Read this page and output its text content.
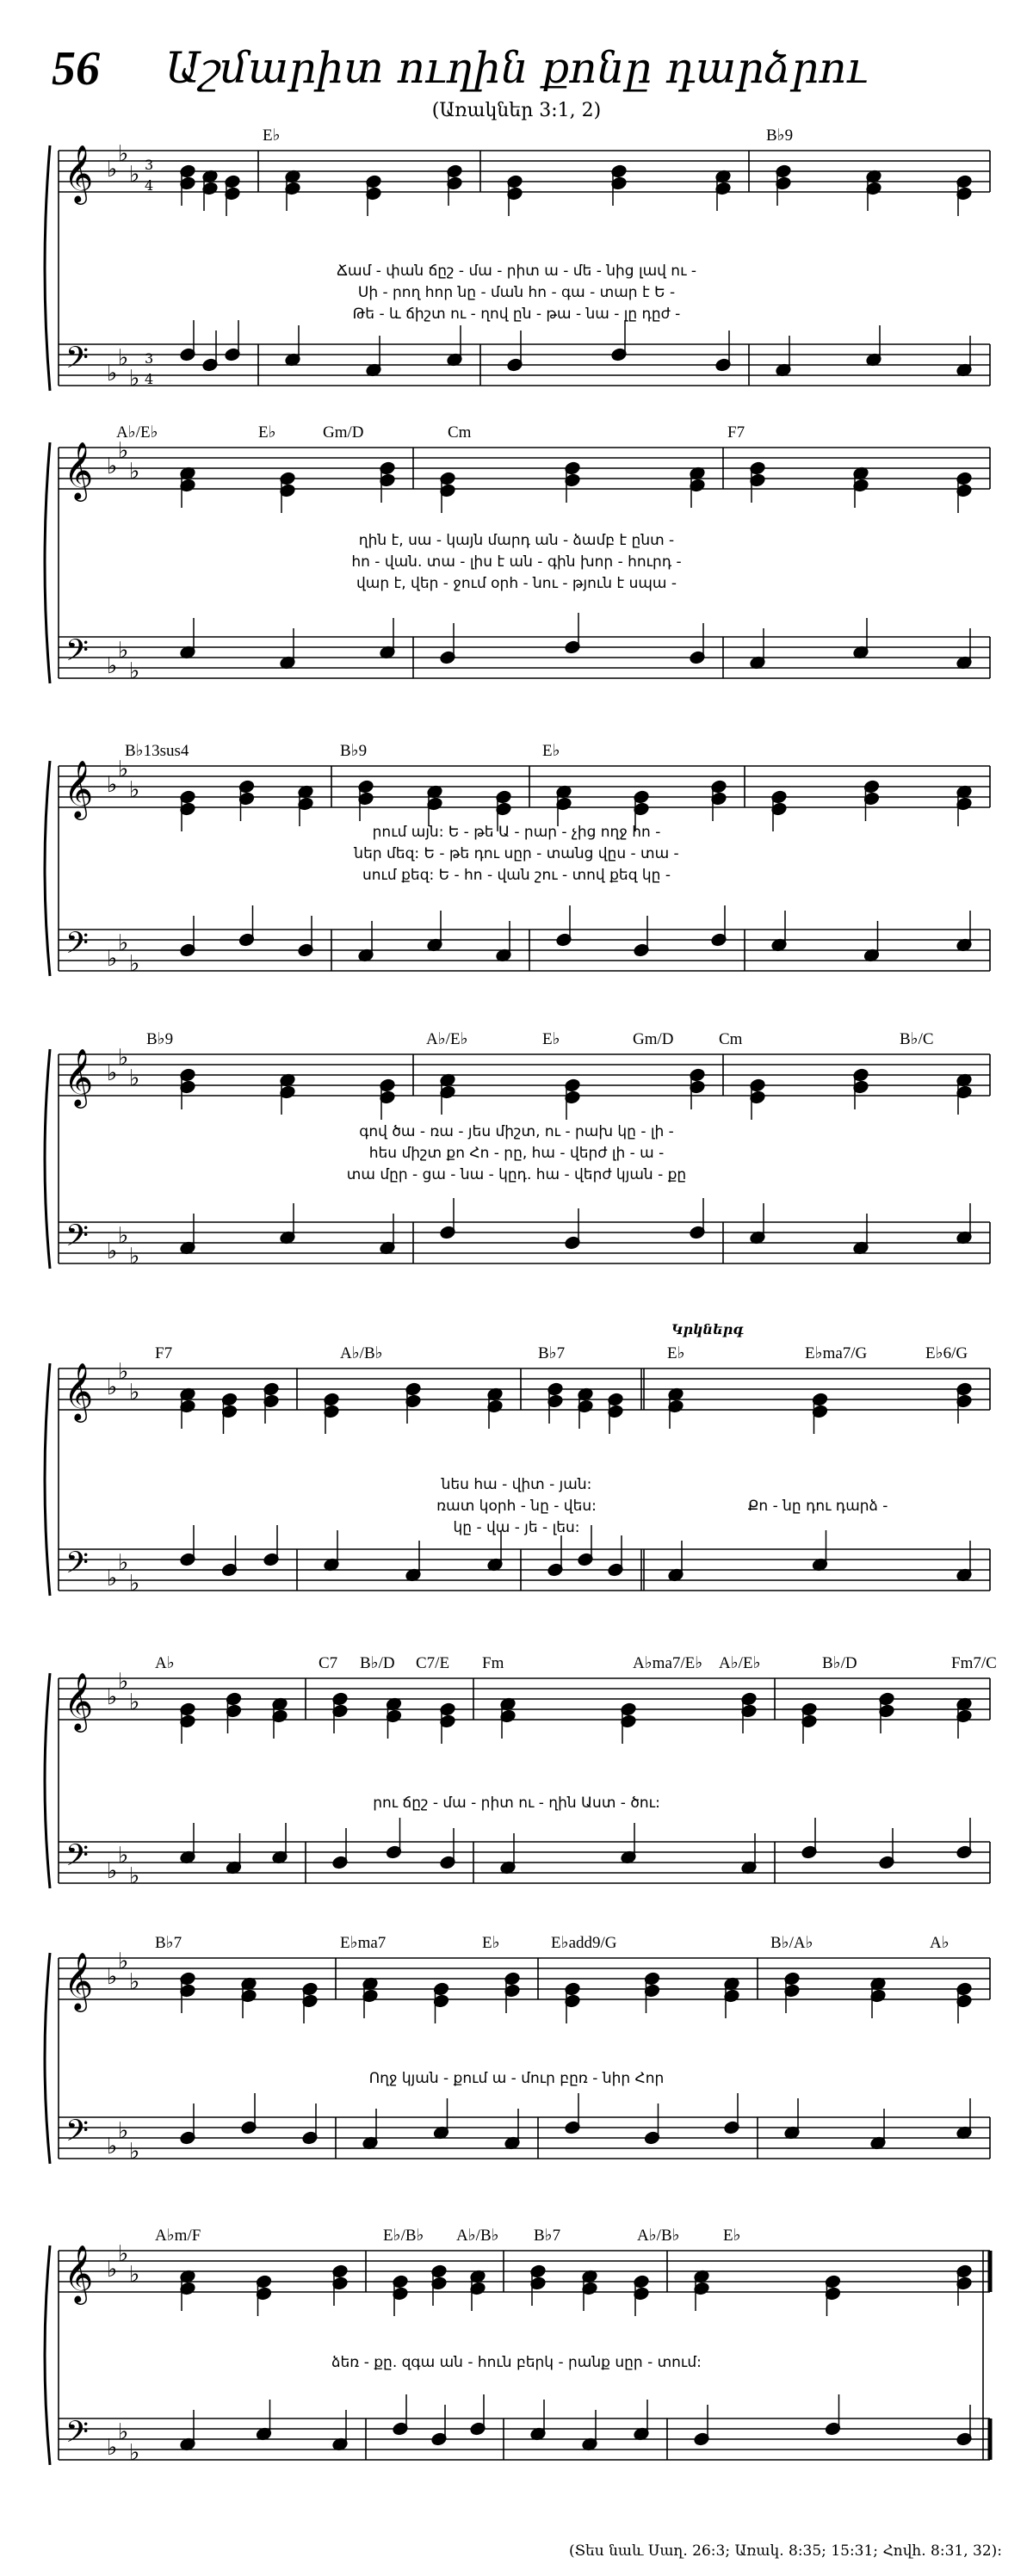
56	Աշմարիտ ուղին քոնը դարձրու
(Առակներ 3:1, 2)
𝄞
𝄢
♭
♭
♭
♭
♭
♭
3
4
3
4
E♭	B♭9
Ճամ - փան ճըշ - մա - րիտ ա - մե - նից լավ ու -
Սի - րող հոր նը - ման հո - գա - տար է Ե -
Թե - և ճիշտ ու - ղով ըն - թա - նա - լը դըժ -
𝄞
𝄢
♭
♭
♭
♭
♭
♭
A♭/E♭	E♭	Gm/D	Cm	F7
ղին է, սա - կայն մարդ ան - ձամբ է ընտ -
հո - վան. տա - լիս է ան - գին խոր - հուրդ -
վար է, վեր - ջում օրհ - նու - թյուն է սպա -
𝄞
𝄢
♭
♭
♭
♭
♭
♭
B♭13sus4	B♭9	E♭
րում այն: Ե - թե Ա - րար - չից ողջ հո -
ներ մեզ: Ե - թե դու սըր - տանց վըս - տա -
սում քեզ: Ե - հո - վան շու - տով քեզ կը -
𝄞
𝄢
♭
♭
♭
♭
♭
♭
B♭9	A♭/E♭	E♭	Gm/D	Cm	B♭/C
գով ծա - ռա - յես միշտ, ու - րախ կը - լի -
հես միշտ քո Հո - րը, հա - վերժ լի - ա -
տա մըր - ցա - նա - կըդ. հա - վերժ կյան - քը
𝄞
𝄢
♭
♭
♭
♭
♭
♭
Կրկներգ
F7	A♭/B♭	B♭7	E♭	E♭ma7/G	E♭6/G
նես հա - վիտ - յան:
ռատ կօրհ - նը - վես:
կը - վա - յե - լես:
Քո - նը դու դարձ -
𝄞
𝄢
♭
♭
♭
♭
♭
♭
A♭	C7 B♭/D C7/E Fm	A♭ma7/E♭ A♭/E♭	B♭/D	Fm7/C
րու ճըշ - մա - րիտ ու - ղին Աստ - ծու:
𝄞
𝄢
♭
♭
♭
♭
♭
♭
B♭7	E♭ma7	E♭	E♭add9/G	B♭/A♭	A♭
Ողջ կյան - քում ա - մուր բըռ - նիր Հոր
𝄞
𝄢
♭
♭
♭
♭
♭
♭
A♭m/F	E♭/B♭ A♭/B♭ B♭7	A♭/B♭	E♭
ձեռ - քը. զգա ան - հուն բերկ - րանք սըր - տում:
(Տես նաև Սաղ. 26:3; Առակ. 8:35; 15:31; Հովհ. 8:31, 32):
